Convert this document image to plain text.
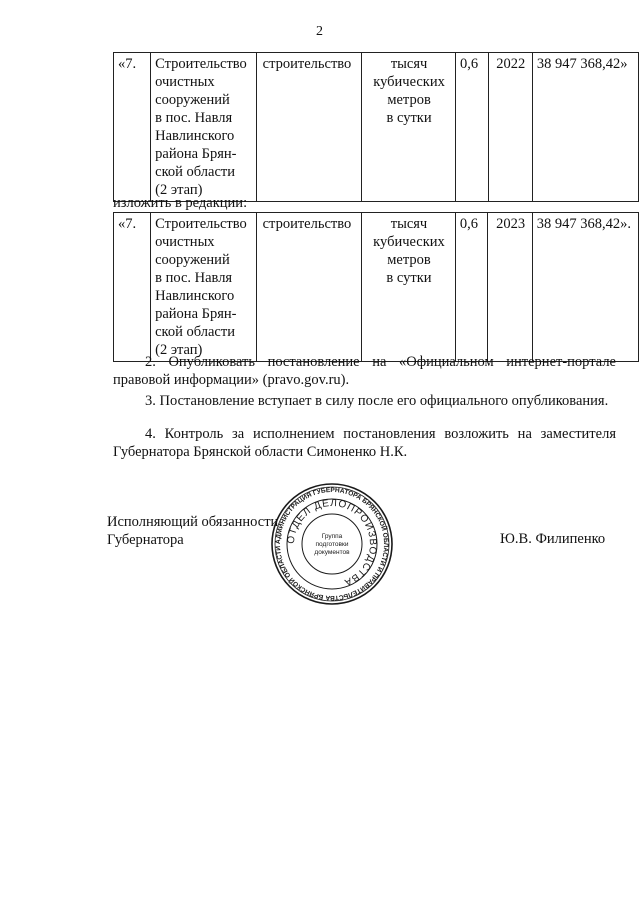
2
«7.	Строительство
очистных
сооружений
в пос. Навля
Навлинского
района Брян-
ской области
(2 этап)
	строительство	тысяч
кубических
метров
в сутки
	0,6	2022	38 947 368,42»
изложить в редакции:
«7.	Строительство
очистных
сооружений
в пос. Навля
Навлинского
района Брян-
ской области
(2 этап)
	строительство	тысяч
кубических
метров
в сутки
	0,6	2023	38 947 368,42».

2. Опубликовать постановление на «Официальном интернет-портале правовой информации» (pravo.gov.ru).

3. Постановление вступает в силу после его официального опубликования.

4. Контроль за исполнением постановления возложить на заместителя Губернатора Брянской области Симоненко Н.К.

Исполняющий обязанности
Губернатора	Ю.В. Филипенко
АДМИНИСТРАЦИЯ ГУБЕРНАТОРА БРЯНСКОЙ ОБЛАСТИ И ПРАВИТЕЛЬСТВА БРЯНСКОЙ ОБЛАСТИ
ОТДЕЛ ДЕЛОПРОИЗВОДСТВА
Группа
подготовки
документов
